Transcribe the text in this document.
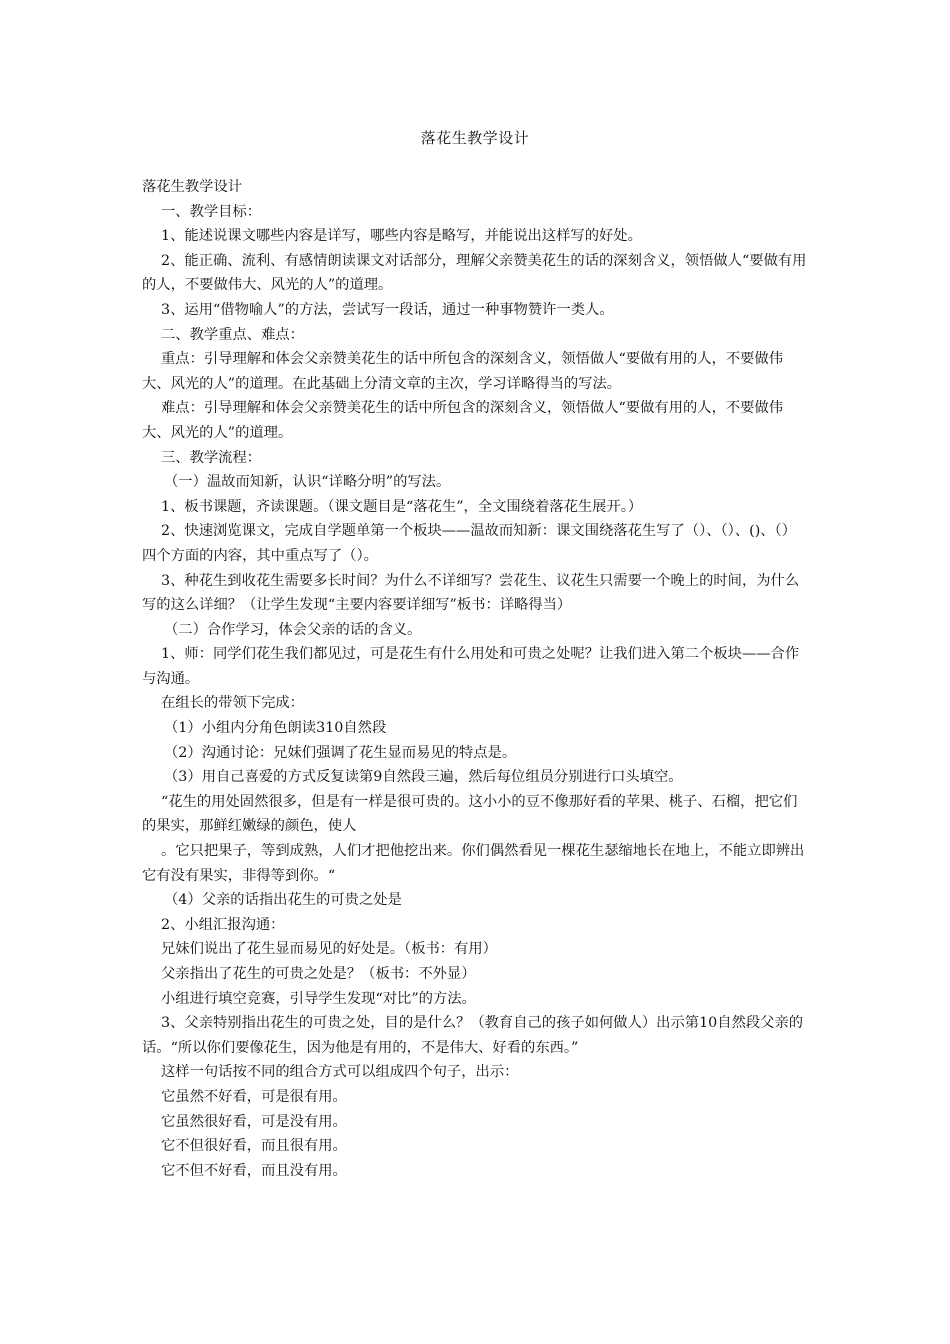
落花生教学设计

落花生教学设计

一、教学目标：

1、能述说课文哪些内容是详写，哪些内容是略写，并能说出这样写的好处。

2、能正确、流利、有感情朗读课文对话部分，理解父亲赞美花生的话的深刻含义，领悟做人“要做有用的人，不要做伟大、风光的人”的道理。

3、运用“借物喻人”的方法，尝试写一段话，通过一种事物赞许一类人。

二、教学重点、难点：

重点：引导理解和体会父亲赞美花生的话中所包含的深刻含义，领悟做人“要做有用的人，不要做伟大、风光的人”的道理。在此基础上分清文章的主次，学习详略得当的写法。

难点：引导理解和体会父亲赞美花生的话中所包含的深刻含义，领悟做人“要做有用的人，不要做伟大、风光的人”的道理。

三、教学流程：

（一）温故而知新，认识“详略分明”的写法。

1、板书课题，齐读课题。（课文题目是“落花生”，全文围绕着落花生展开。）

2、快速浏览课文，完成自学题单第一个板块——温故而知新：课文围绕落花生写了（）、（）、()、（）四个方面的内容，其中重点写了（）。

3、种花生到收花生需要多长时间？为什么不详细写？尝花生、议花生只需要一个晚上的时间，为什么写的这么详细？（让学生发现“主要内容要详细写”板书：详略得当）

（二）合作学习，体会父亲的话的含义。

1、师：同学们花生我们都见过，可是花生有什么用处和可贵之处呢？让我们进入第二个板块——合作与沟通。

在组长的带领下完成：

（1）小组内分角色朗读310自然段

（2）沟通讨论：兄妹们强调了花生显而易见的特点是。

（3）用自己喜爱的方式反复读第9自然段三遍，然后每位组员分别进行口头填空。

“花生的用处固然很多，但是有一样是很可贵的。这小小的豆不像那好看的苹果、桃子、石榴，把它们的果实，那鲜红嫩绿的颜色，使人

。它只把果子，等到成熟，人们才把他挖出来。你们偶然看见一棵花生瑟缩地长在地上，不能立即辨出它有没有果实，非得等到你。“

（4）父亲的话指出花生的可贵之处是

2、小组汇报沟通：

兄妹们说出了花生显而易见的好处是。（板书：有用）

父亲指出了花生的可贵之处是？（板书：不外显）

小组进行填空竞赛，引导学生发现“对比”的方法。

3、父亲特别指出花生的可贵之处，目的是什么？（教育自己的孩子如何做人）出示第10自然段父亲的话。“所以你们要像花生，因为他是有用的，不是伟大、好看的东西。”

这样一句话按不同的组合方式可以组成四个句子，出示：

它虽然不好看，可是很有用。

它虽然很好看，可是没有用。

它不但很好看，而且很有用。

它不但不好看，而且没有用。
